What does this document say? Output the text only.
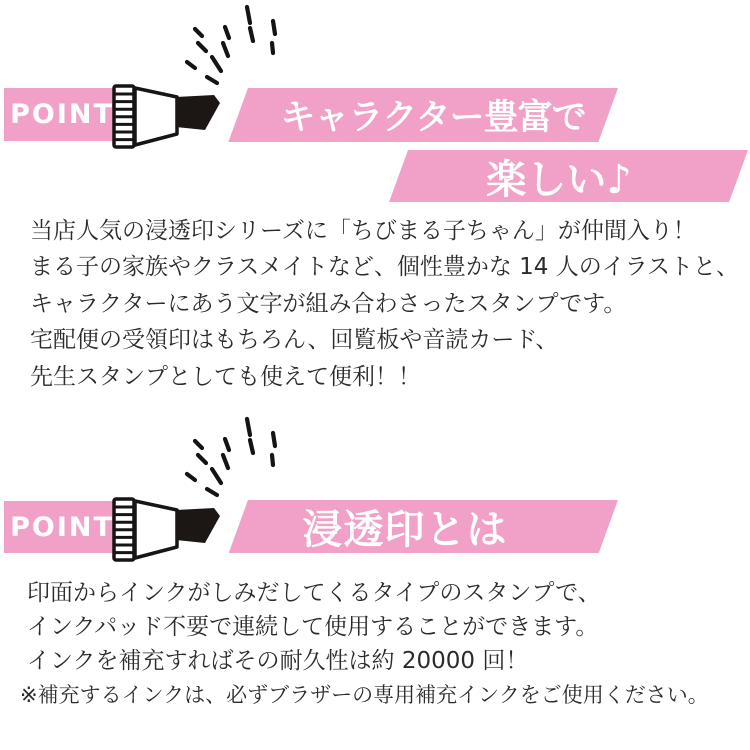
POINT	キャラクター豊富で
楽しい♪

当店人気の浸透印シリーズに「ちびまる子ちゃん」が仲間入り！

まる子の家族やクラスメイトなど、個性豊かな 14 人のイラストと、

キャラクターにあう文字が組み合わさったスタンプです。

宅配便の受領印はもちろん、回覧板や音読カード、

先生スタンプとしても使えて便利！！

POINT	浸透印とは

印面からインクがしみだしてくるタイプのスタンプで、

インクパッド不要で連続して使用することができます。

インクを補充すればその耐久性は約 20000 回！

※補充するインクは、必ずブラザーの専用補充インクをご使用ください。
